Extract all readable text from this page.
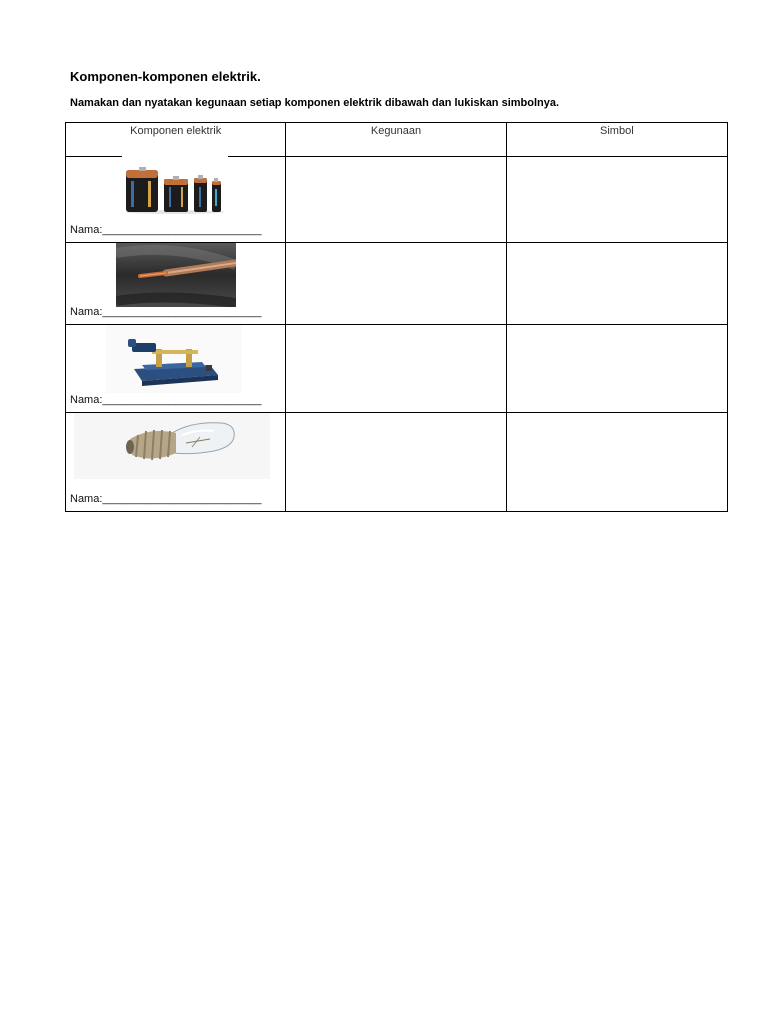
Komponen-komponen elektrik.

Namakan dan nyatakan kegunaan setiap komponen elektrik dibawah dan lukiskan simbolnya.

Komponen elektrik	Kegunaan	Simbol

Nama:__________________________		

Nama:__________________________		

Nama:__________________________		

Nama:__________________________		
